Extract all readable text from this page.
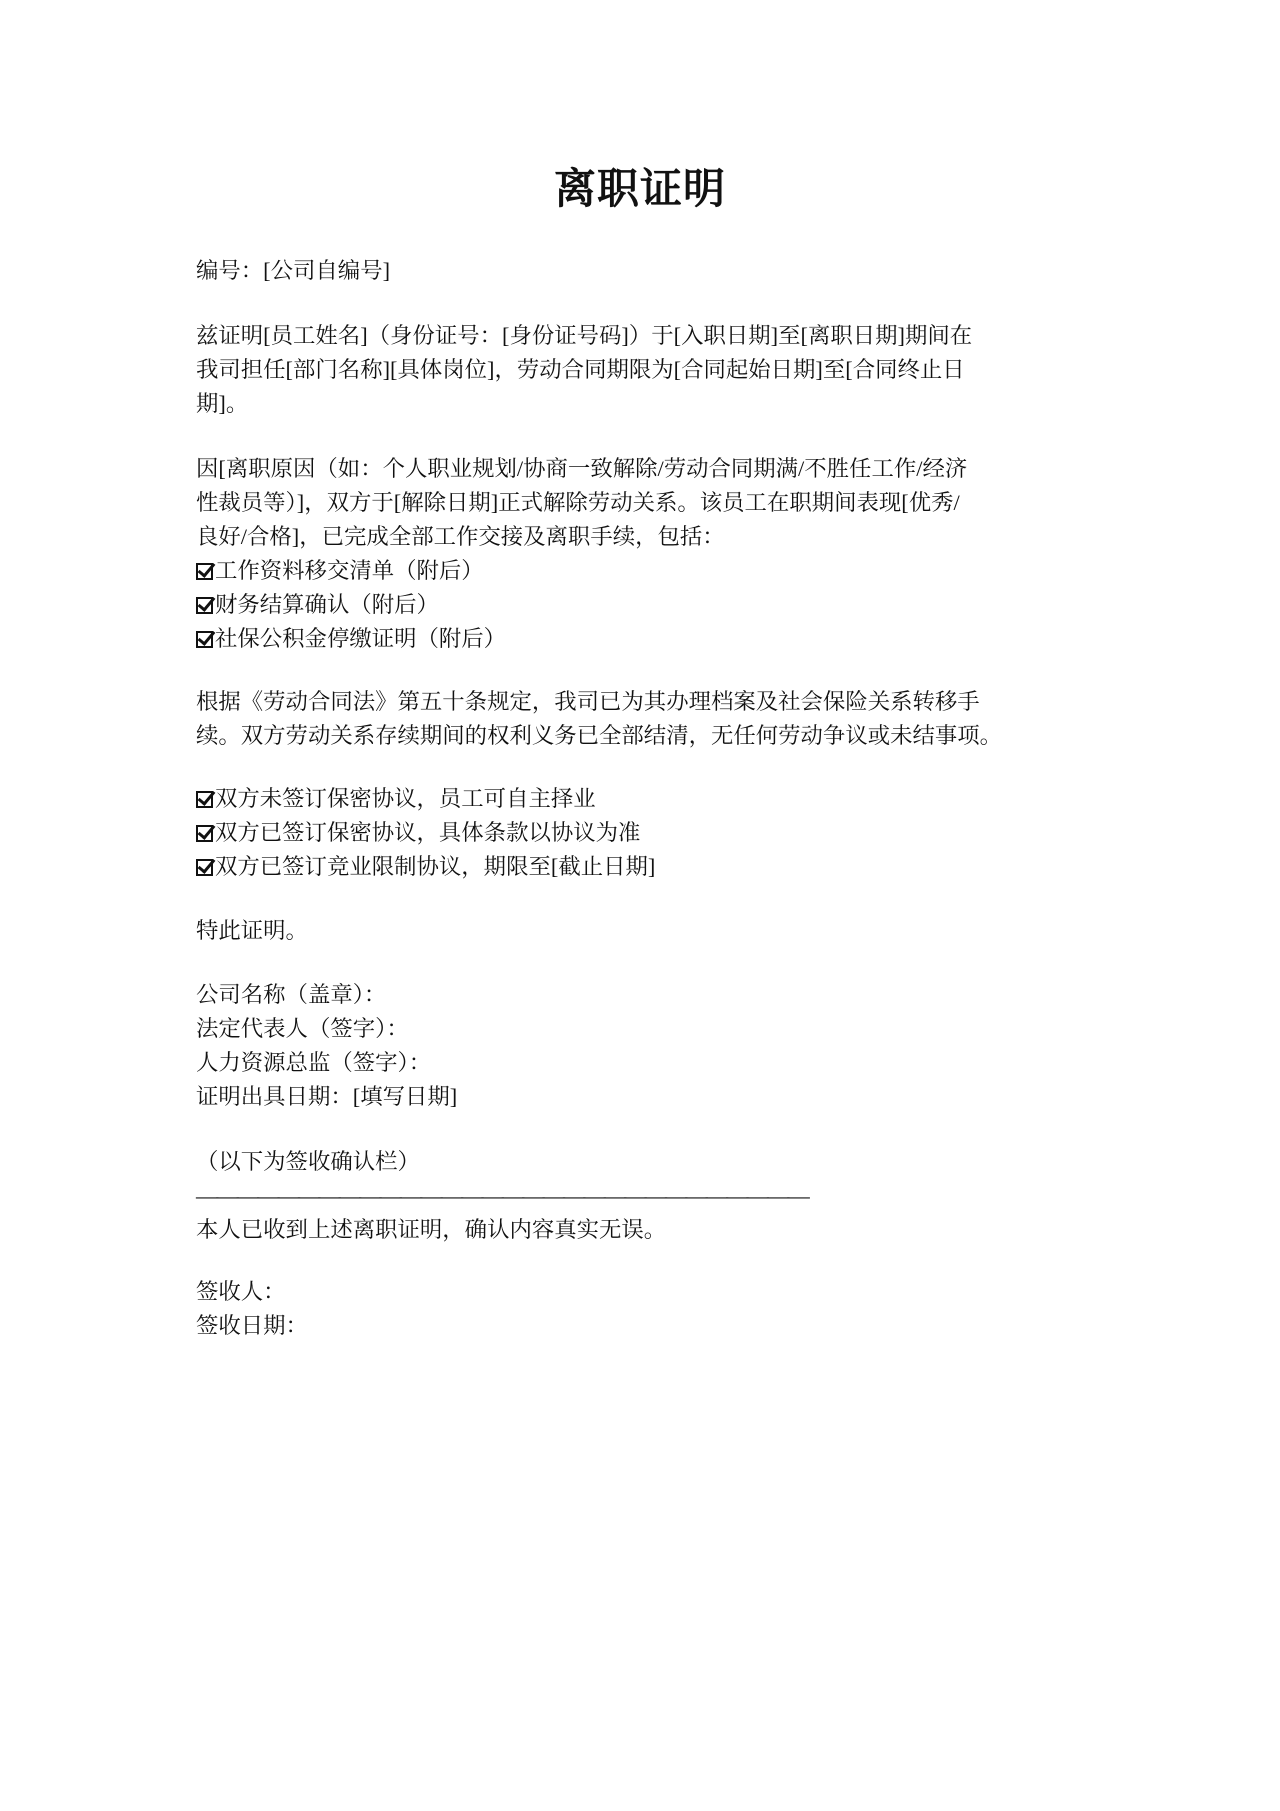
离职证明
编号：[公司自编号]
兹证明[员工姓名]（身份证号：[身份证号码]）于[入职日期]至[离职日期]期间在
我司担任[部门名称][具体岗位]，劳动合同期限为[合同起始日期]至[合同终止日
期]。
因[离职原因（如：个人职业规划/协商一致解除/劳动合同期满/不胜任工作/经济
性裁员等）]，双方于[解除日期]正式解除劳动关系。该员工在职期间表现[优秀/
良好/合格]，已完成全部工作交接及离职手续，包括：
工作资料移交清单（附后）
财务结算确认（附后）
社保公积金停缴证明（附后）
根据《劳动合同法》第五十条规定，我司已为其办理档案及社会保险关系转移手
续。双方劳动关系存续期间的权利义务已全部结清，无任何劳动争议或未结事项。
双方未签订保密协议，员工可自主择业
双方已签订保密协议，具体条款以协议为准
双方已签订竞业限制协议，期限至[截止日期]
特此证明。
公司名称（盖章）：
法定代表人（签字）：
人力资源总监（签字）：
证明出具日期：[填写日期]
（以下为签收确认栏）
——————————————————————————————
本人已收到上述离职证明，确认内容真实无误。
签收人：
签收日期：
